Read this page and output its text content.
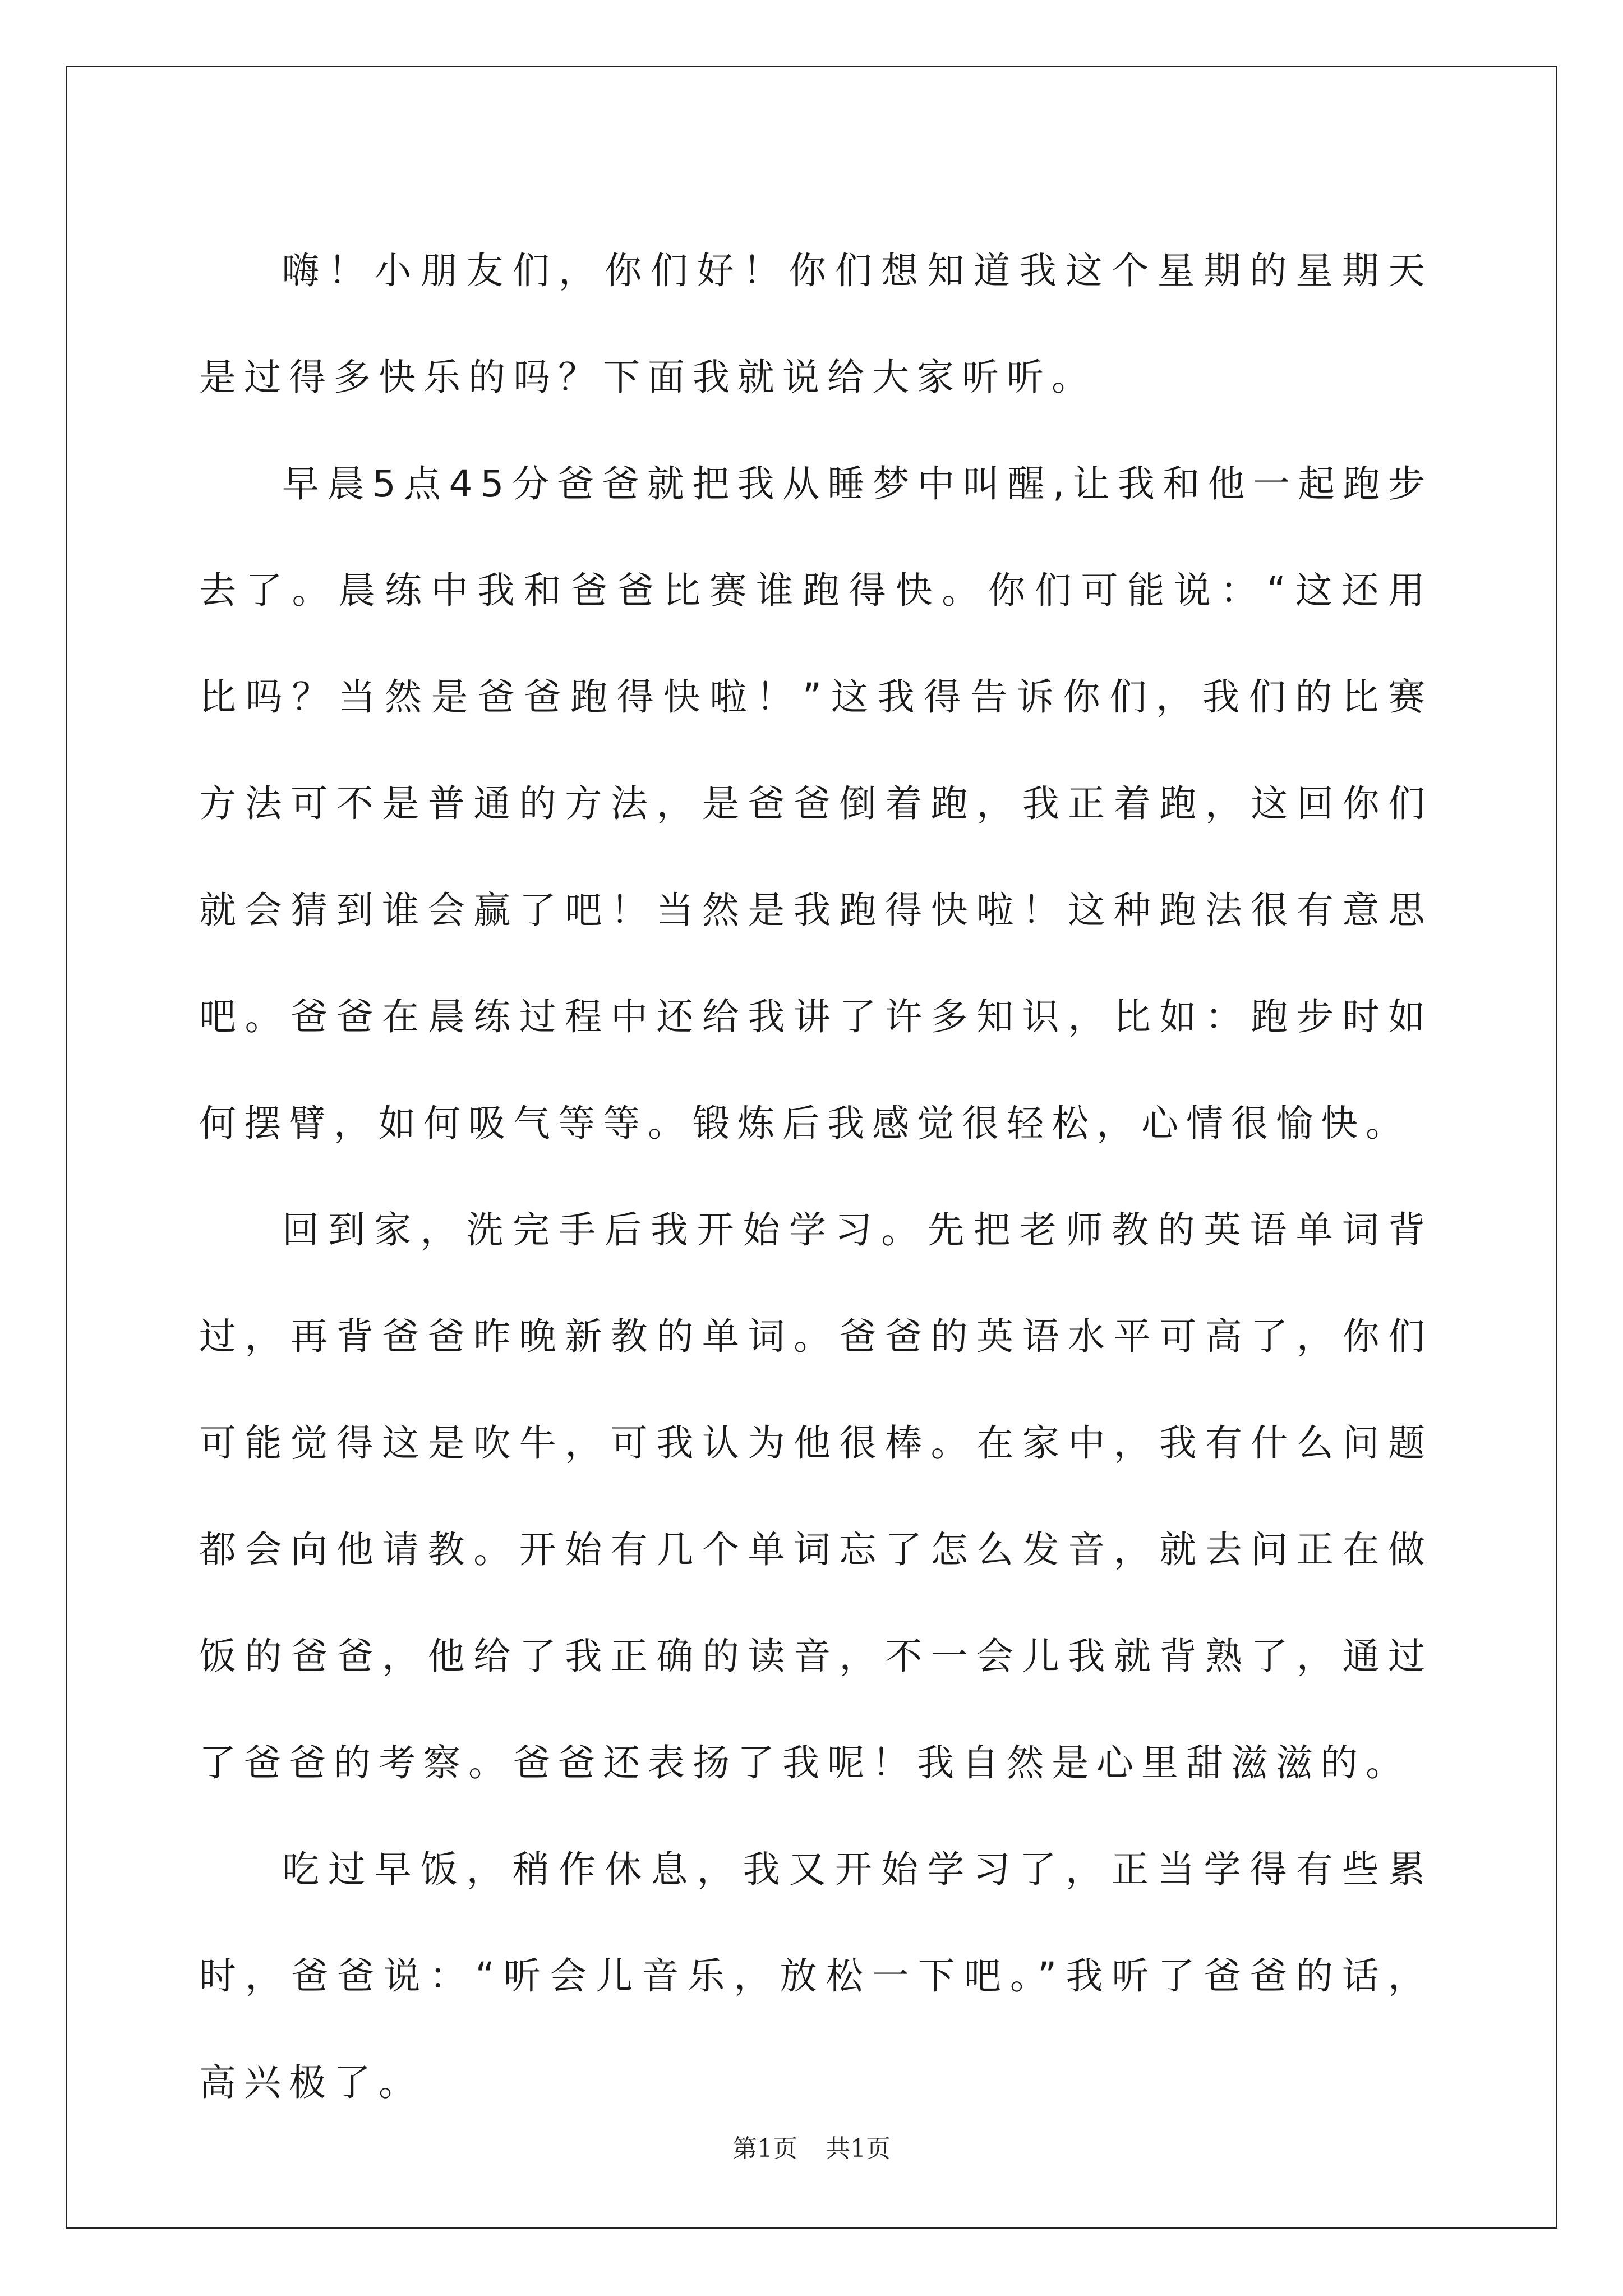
嗨！小朋友们，你们好！你们想知道我这个星期的星期天是过得多快乐的吗？下面我就说给大家听听。

早晨5点45分爸爸就把我从睡梦中叫醒,让我和他一起跑步去了。晨练中我和爸爸比赛谁跑得快。你们可能说：“这还用比吗？当然是爸爸跑得快啦！”这我得告诉你们，我们的比赛方法可不是普通的方法，是爸爸倒着跑，我正着跑，这回你们就会猜到谁会赢了吧！当然是我跑得快啦！这种跑法很有意思吧。爸爸在晨练过程中还给我讲了许多知识，比如：跑步时如何摆臂，如何吸气等等。锻炼后我感觉很轻松，心情很愉快。

回到家，洗完手后我开始学习。先把老师教的英语单词背过，再背爸爸昨晚新教的单词。爸爸的英语水平可高了，你们可能觉得这是吹牛，可我认为他很棒。在家中，我有什么问题都会向他请教。开始有几个单词忘了怎么发音，就去问正在做饭的爸爸，他给了我正确的读音，不一会儿我就背熟了，通过了爸爸的考察。爸爸还表扬了我呢！我自然是心里甜滋滋的。

吃过早饭，稍作休息，我又开始学习了，正当学得有些累时，爸爸说：“听会儿音乐，放松一下吧。”我听了爸爸的话，高兴极了。

第1页 共1页
